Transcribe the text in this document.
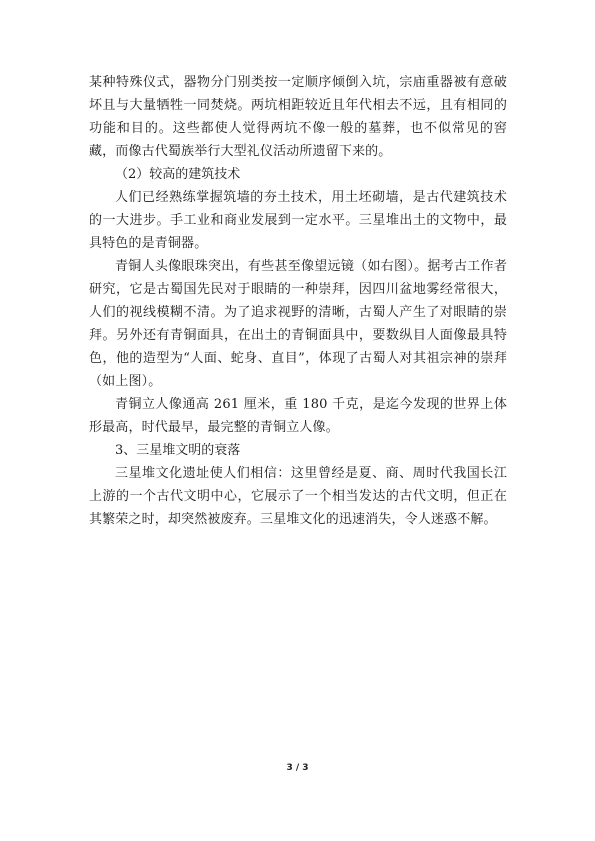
某种特殊仪式，器物分门别类按一定顺序倾倒入坑，宗庙重器被有意破坏且与大量牺牲一同焚烧。两坑相距较近且年代相去不远，且有相同的功能和目的。这些都使人觉得两坑不像一般的墓葬，也不似常见的窖藏，而像古代蜀族举行大型礼仪活动所遗留下来的。

（2）较高的建筑技术

人们已经熟练掌握筑墙的夯土技术，用土坯砌墙，是古代建筑技术的一大进步。手工业和商业发展到一定水平。三星堆出土的文物中，最具特色的是青铜器。

青铜人头像眼珠突出，有些甚至像望远镜（如右图）。据考古工作者研究，它是古蜀国先民对于眼睛的一种崇拜，因四川盆地雾经常很大，人们的视线模糊不清。为了追求视野的清晰，古蜀人产生了对眼睛的崇拜。另外还有青铜面具，在出土的青铜面具中，要数纵目人面像最具特色，他的造型为“人面、蛇身、直目”，体现了古蜀人对其祖宗神的崇拜（如上图）。

青铜立人像通高 261 厘米，重 180 千克，是迄今发现的世界上体形最高，时代最早，最完整的青铜立人像。

3、三星堆文明的衰落

三星堆文化遗址使人们相信：这里曾经是夏、商、周时代我国长江上游的一个古代文明中心，它展示了一个相当发达的古代文明，但正在其繁荣之时，却突然被废弃。三星堆文化的迅速消失，令人迷惑不解。

3 / 3
